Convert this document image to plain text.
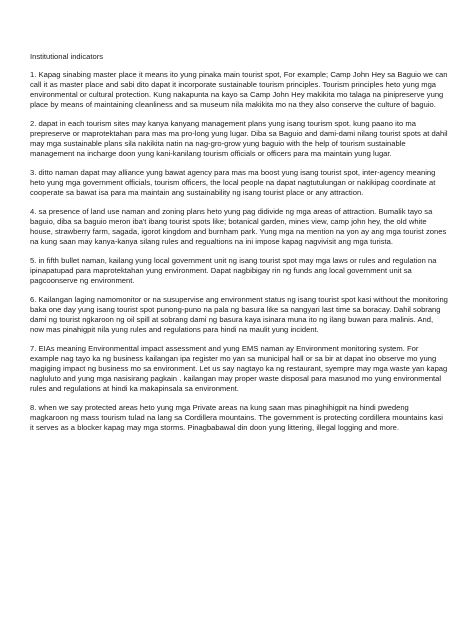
Institutional indicators

1. Kapag sinabing master place it means ito yung pinaka main tourist spot, For example; Camp John Hey sa Baguio we can call it as master place and sabi dito dapat it incorporate sustainable tourism principles. Tourism principles heto yung mga environmental or cultural protection. Kung nakapunta na kayo sa Camp John Hey makikita mo talaga na pinipreserve yung place by means of maintaining cleanliness and sa museum nila makikita mo na they also conserve the culture of baguio.

2. dapat in each tourism sites may kanya kanyang management plans yung isang tourism spot. kung paano ito ma prepreserve or maprotektahan para mas ma pro-long yung lugar. Diba sa Baguio and dami-dami nilang tourist spots at dahil may mga sustainable plans sila nakikita natin na nag-gro-grow yung baguio with the help of tourism sustainable management na incharge doon yung kani-kanilang tourism officials or officers para ma maintain yung lugar.

3. ditto naman dapat may alliance yung bawat agency para mas ma boost yung isang tourist spot, inter-agency meaning heto yung mga government officials, tourism officers, the local people na dapat nagtutulungan or nakikipag coordinate at cooperate sa bawat isa para ma maintain ang sustainability ng isang tourist place or any attraction.

4. sa presence of land use naman and zoning plans heto yung pag didivide ng mga areas of attraction. Bumalik tayo sa baguio, diba sa baguio meron iba't ibang tourist spots like; botanical garden, mines view, camp john hey, the old white house, strawberry farm, sagada, igorot kingdom and burnham park. Yung mga na mention na yon ay ang mga tourist zones na kung saan may kanya-kanya silang rules and regualtions na ini impose kapag nagvivisit ang mga turista.

5. in fifth bullet naman, kailang yung local government unit ng isang tourist spot may mga laws or rules and regulation na ipinapatupad para maprotektahan yung environment. Dapat nagbibigay rin ng funds ang local government unit sa pagcoonserve ng environment.

6. Kailangan laging namomonitor or na susupervise ang environment status ng isang tourist spot kasi without the monitoring baka one day yung isang tourist spot punong-puno na pala ng basura like sa nangyari last time sa boracay. Dahil sobrang dami ng tourist ngkaroon ng oil spill at sobrang dami ng basura kaya isinara muna ito ng ilang buwan para malinis. And, now mas pinahigpit nila yung rules and regulations para hindi na maulit yung incident.

7. EIAs meaning Environmenttal impact assessment and yung EMS naman ay Environment monitoring system. For example nag tayo ka ng business kailangan ipa register mo yan sa municipal hall or sa bir at dapat ino observe mo yung magiging impact ng business mo sa environment. Let us say nagtayo ka ng restaurant, syempre may mga waste yan kapag nagluluto and yung mga nasisirang pagkain . kailangan may proper waste disposal para masunod mo yung environmental rules and regulations at hindi ka makapinsala sa environment.

8. when we say protected areas heto yung mga Private areas na kung saan mas pinaghihigpit na hindi pwedeng magkaroon ng mass tourism tulad na lang sa Cordillera mountains. The government is protecting cordillera mountains kasi it serves as a blocker kapag may mga storms. Pinagbabawal din doon yung littering, illegal logging and more.
